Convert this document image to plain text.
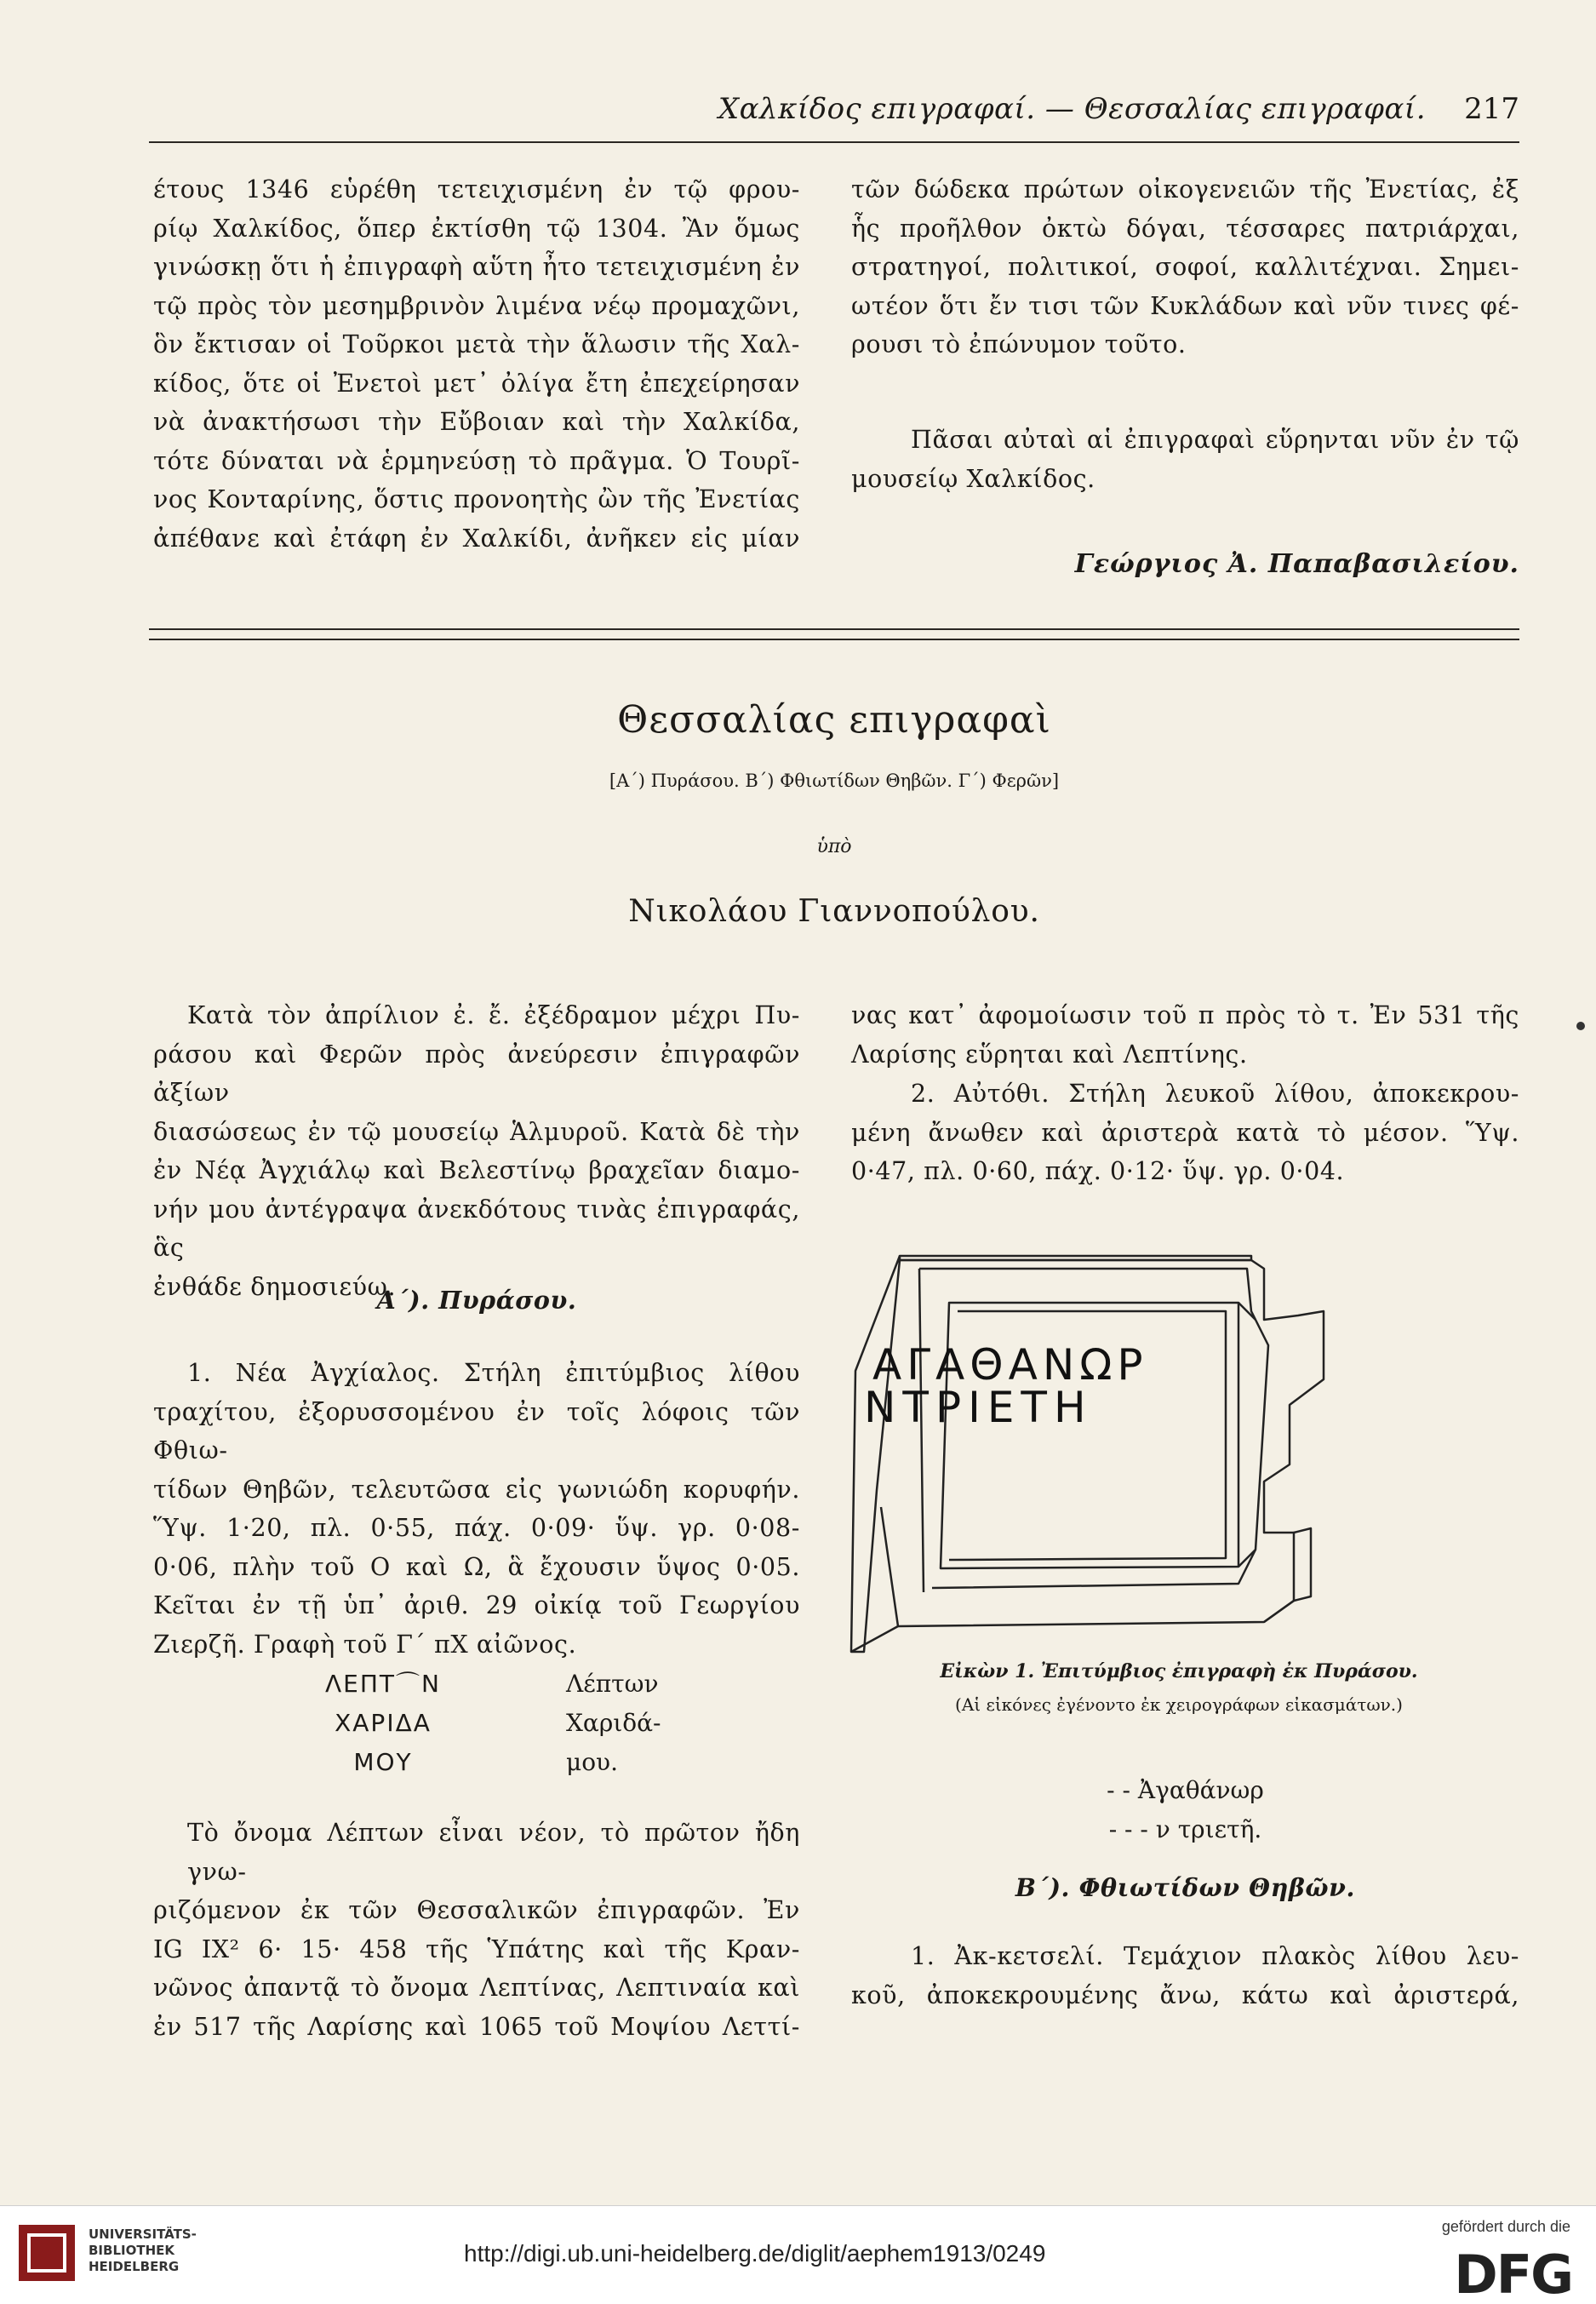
Χαλκίδος επιγραφαί. — Θεσσαλίας επιγραφαί. 217

έτους 1346 εὑρέθη τετειχισμένη ἐν τῷ φρου-

ρίῳ Χαλκίδος, ὅπερ ἐκτίσθη τῷ 1304. Ἂν ὅμως

γινώσκῃ ὅτι ἡ ἐπιγραφὴ αὕτη ἦτο τετειχισμένη ἐν

τῷ πρὸς τὸν μεσημβρινὸν λιμένα νέῳ προμαχῶνι,

ὃν ἔκτισαν οἱ Τοῦρκοι μετὰ τὴν ἅλωσιν τῆς Χαλ-

κίδος, ὅτε οἱ Ἐνετοὶ μετ᾽ ὀλίγα ἔτη ἐπεχείρησαν

νὰ ἀνακτήσωσι τὴν Εὔβοιαν καὶ τὴν Χαλκίδα,

τότε δύναται νὰ ἑρμηνεύσῃ τὸ πρᾶγμα. Ὁ Τουρῖ-

νος Κονταρίνης, ὅστις προνοητὴς ὢν τῆς Ἐνετίας

ἀπέθανε καὶ ἐτάφη ἐν Χαλκίδι, ἀνῆκεν εἰς μίαν

τῶν δώδεκα πρώτων οἰκογενειῶν τῆς Ἐνετίας, ἐξ

ἧς προῆλθον ὀκτὼ δόγαι, τέσσαρες πατριάρχαι,

στρατηγοί, πολιτικοί, σοφοί, καλλιτέχναι. Σημει-

ωτέον ὅτι ἔν τισι τῶν Κυκλάδων καὶ νῦν τινες φέ-

ρουσι τὸ ἐπώνυμον τοῦτο.

Πᾶσαι αὐταὶ αἱ ἐπιγραφαὶ εὕρηνται νῦν ἐν τῷ

μουσείῳ Χαλκίδος.

Γεώργιος Ἀ. Παπαβασιλείου.
Θεσσαλίας επιγραφαὶ
[Α´) Πυράσου. Β´) Φθιωτίδων Θηβῶν. Γ´) Φερῶν]
ὑπὸ
Νικολάου Γιαννοπούλου.

Κατὰ τὸν ἀπρίλιον ἐ. ἔ. ἐξέδραμον μέχρι Πυ-

ράσου καὶ Φερῶν πρὸς ἀνεύρεσιν ἐπιγραφῶν ἀξίων

διασώσεως ἐν τῷ μουσείῳ Ἁλμυροῦ. Κατὰ δὲ τὴν

ἐν Νέᾳ Ἀγχιάλῳ καὶ Βελεστίνῳ βραχεῖαν διαμο-

νήν μου ἀντέγραψα ἀνεκδότους τινὰς ἐπιγραφάς, ἃς

ἐνθάδε δημοσιεύω.

Α´). Πυράσου.

1. Νέα Ἀγχίαλος. Στήλη ἐπιτύμβιος λίθου

τραχίτου, ἐξορυσσομένου ἐν τοῖς λόφοις τῶν Φθιω-

τίδων Θηβῶν, τελευτῶσα εἰς γωνιώδη κορυφήν.

Ὕψ. 1·20, πλ. 0·55, πάχ. 0·09· ὕψ. γρ. 0·08-

0·06, πλὴν τοῦ Ο καὶ Ω, ἃ ἔχουσιν ὕψος 0·05.

Κεῖται ἐν τῇ ὑπ᾽ ἀριθ. 29 οἰκίᾳ τοῦ Γεωργίου

Ζιερζῆ. Γραφὴ τοῦ Γ´ πΧ αἰῶνος.

ΛΕΠΤ⌒Ν
ΧΑΡΙΔΑ
ΜΟΥ
Λέπτων
Χαριδά-
μου.

Τὸ ὄνομα Λέπτων εἶναι νέον, τὸ πρῶτον ἤδη γνω-

ριζόμενον ἐκ τῶν Θεσσαλικῶν ἐπιγραφῶν. Ἐν

IG IX² 6· 15· 458 τῆς Ὑπάτης καὶ τῆς Κραν-

νῶνος ἀπαντᾷ τὸ ὄνομα Λεπτίνας, Λεπτιναία καὶ

ἐν 517 τῆς Λαρίσης καὶ 1065 τοῦ Μοψίου Λεττί-

νας κατ᾽ ἀφομοίωσιν τοῦ π πρὸς τὸ τ. Ἐν 531 τῆς

Λαρίσης εὕρηται καὶ Λεπτίνης.

2. Αὐτόθι. Στήλη λευκοῦ λίθου, ἀποκεκρου-

μένη ἄνωθεν καὶ ἀριστερὰ κατὰ τὸ μέσον. Ὕψ.

0·47, πλ. 0·60, πάχ. 0·12· ὕψ. γρ. 0·04.

ΑΓΑΘΑΝΩΡ
ΝΤΡΙΕΤΗ
Εἰκὼν 1. Ἐπιτύμβιος ἐπιγραφὴ ἐκ Πυράσου.
(Αἱ εἰκόνες ἐγένοντο ἐκ χειρογράφων εἰκασμάτων.)
- - Ἀγαθάνωρ
- - - ν τριετῆ.
Β´). Φθιωτίδων Θηβῶν.

1. Ἀκ-κετσελί. Τεμάχιον πλακὸς λίθου λευ-

κοῦ, ἀποκεκρουμένης ἄνω, κάτω καὶ ἀριστερά,

UNIVERSITÄTS-
BIBLIOTHEK
HEIDELBERG	http://digi.ub.uni-heidelberg.de/diglit/aephem1913/0249
gefördert durch die
DFG
